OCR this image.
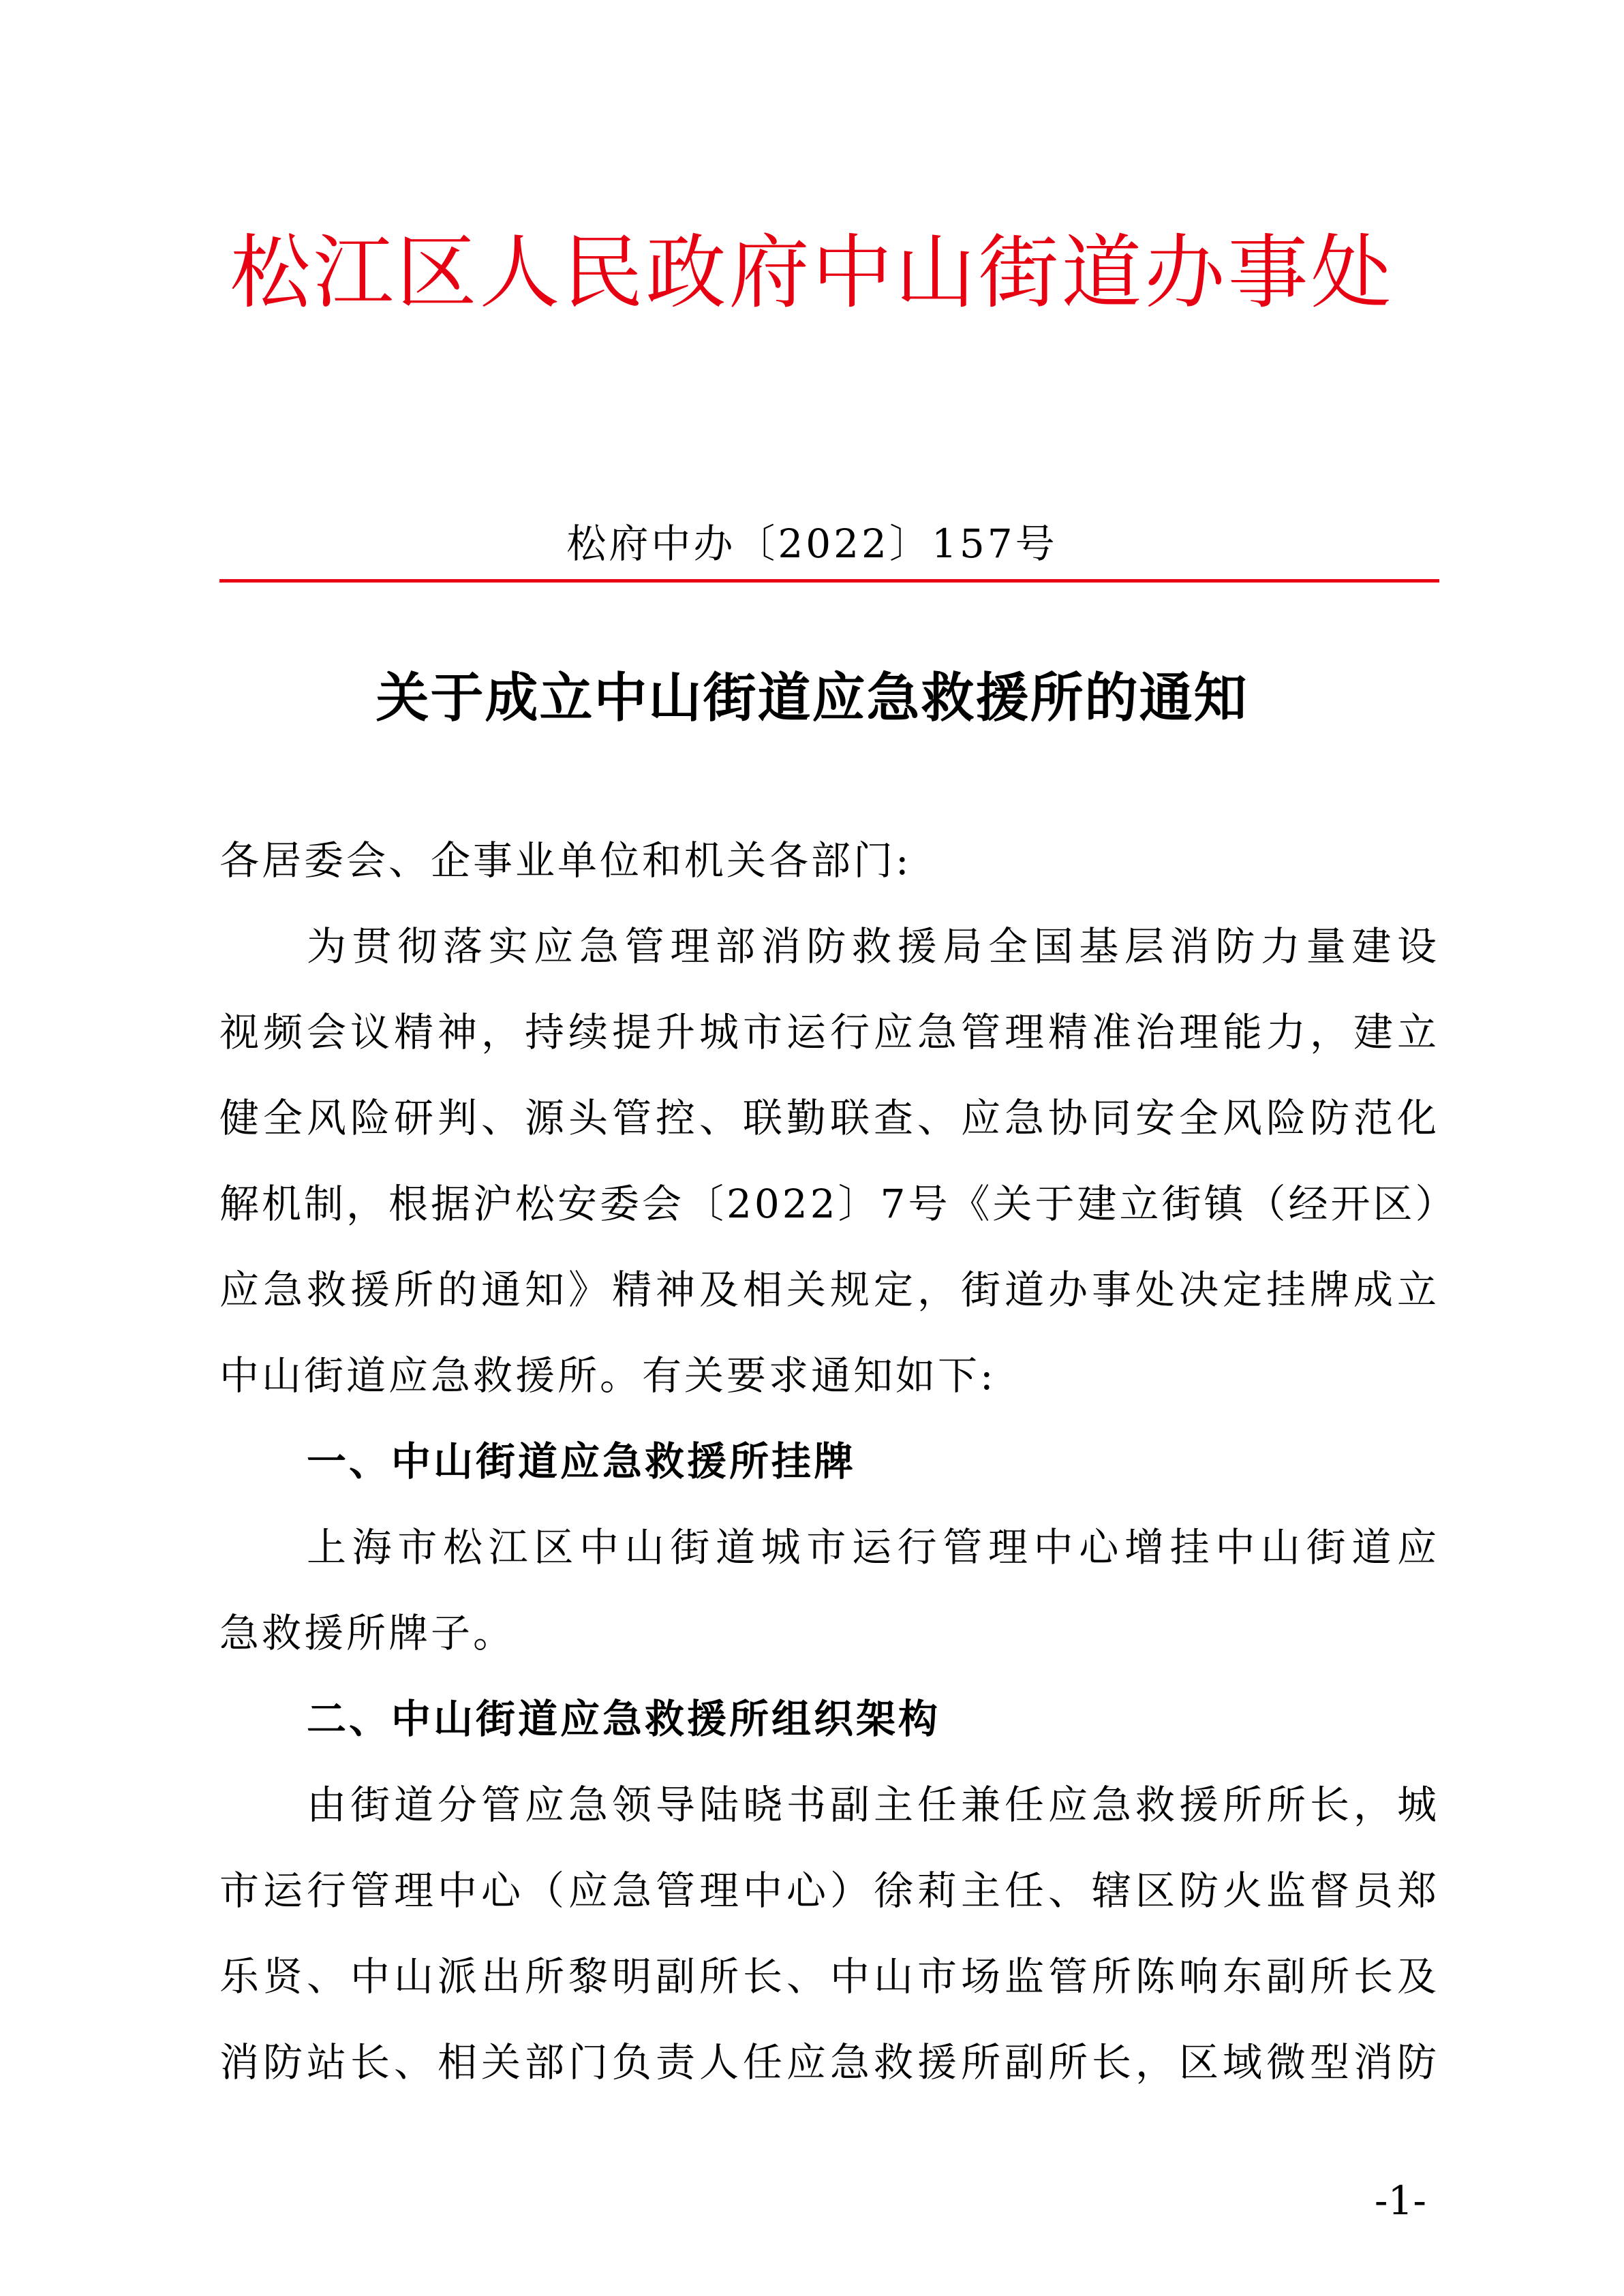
松江区人民政府中山街道办事处
松府中办〔2022〕157号
关于成立中山街道应急救援所的通知
各居委会、企事业单位和机关各部门:
为贯彻落实应急管理部消防救援局全国基层消防力量建设
视频会议精神，持续提升城市运行应急管理精准治理能力，建立
健全风险研判、源头管控、联勤联查、应急协同安全风险防范化
解机制，根据沪松安委会〔2022〕7号《关于建立街镇（经开区）
应急救援所的通知》精神及相关规定，街道办事处决定挂牌成立
中山街道应急救援所。有关要求通知如下:
一、中山街道应急救援所挂牌
上海市松江区中山街道城市运行管理中心增挂中山街道应
急救援所牌子。
二、中山街道应急救援所组织架构
由街道分管应急领导陆晓书副主任兼任应急救援所所长，城
市运行管理中心（应急管理中心）徐莉主任、辖区防火监督员郑
乐贤、中山派出所黎明副所长、中山市场监管所陈响东副所长及
消防站长、相关部门负责人任应急救援所副所长，区域微型消防
-1-
